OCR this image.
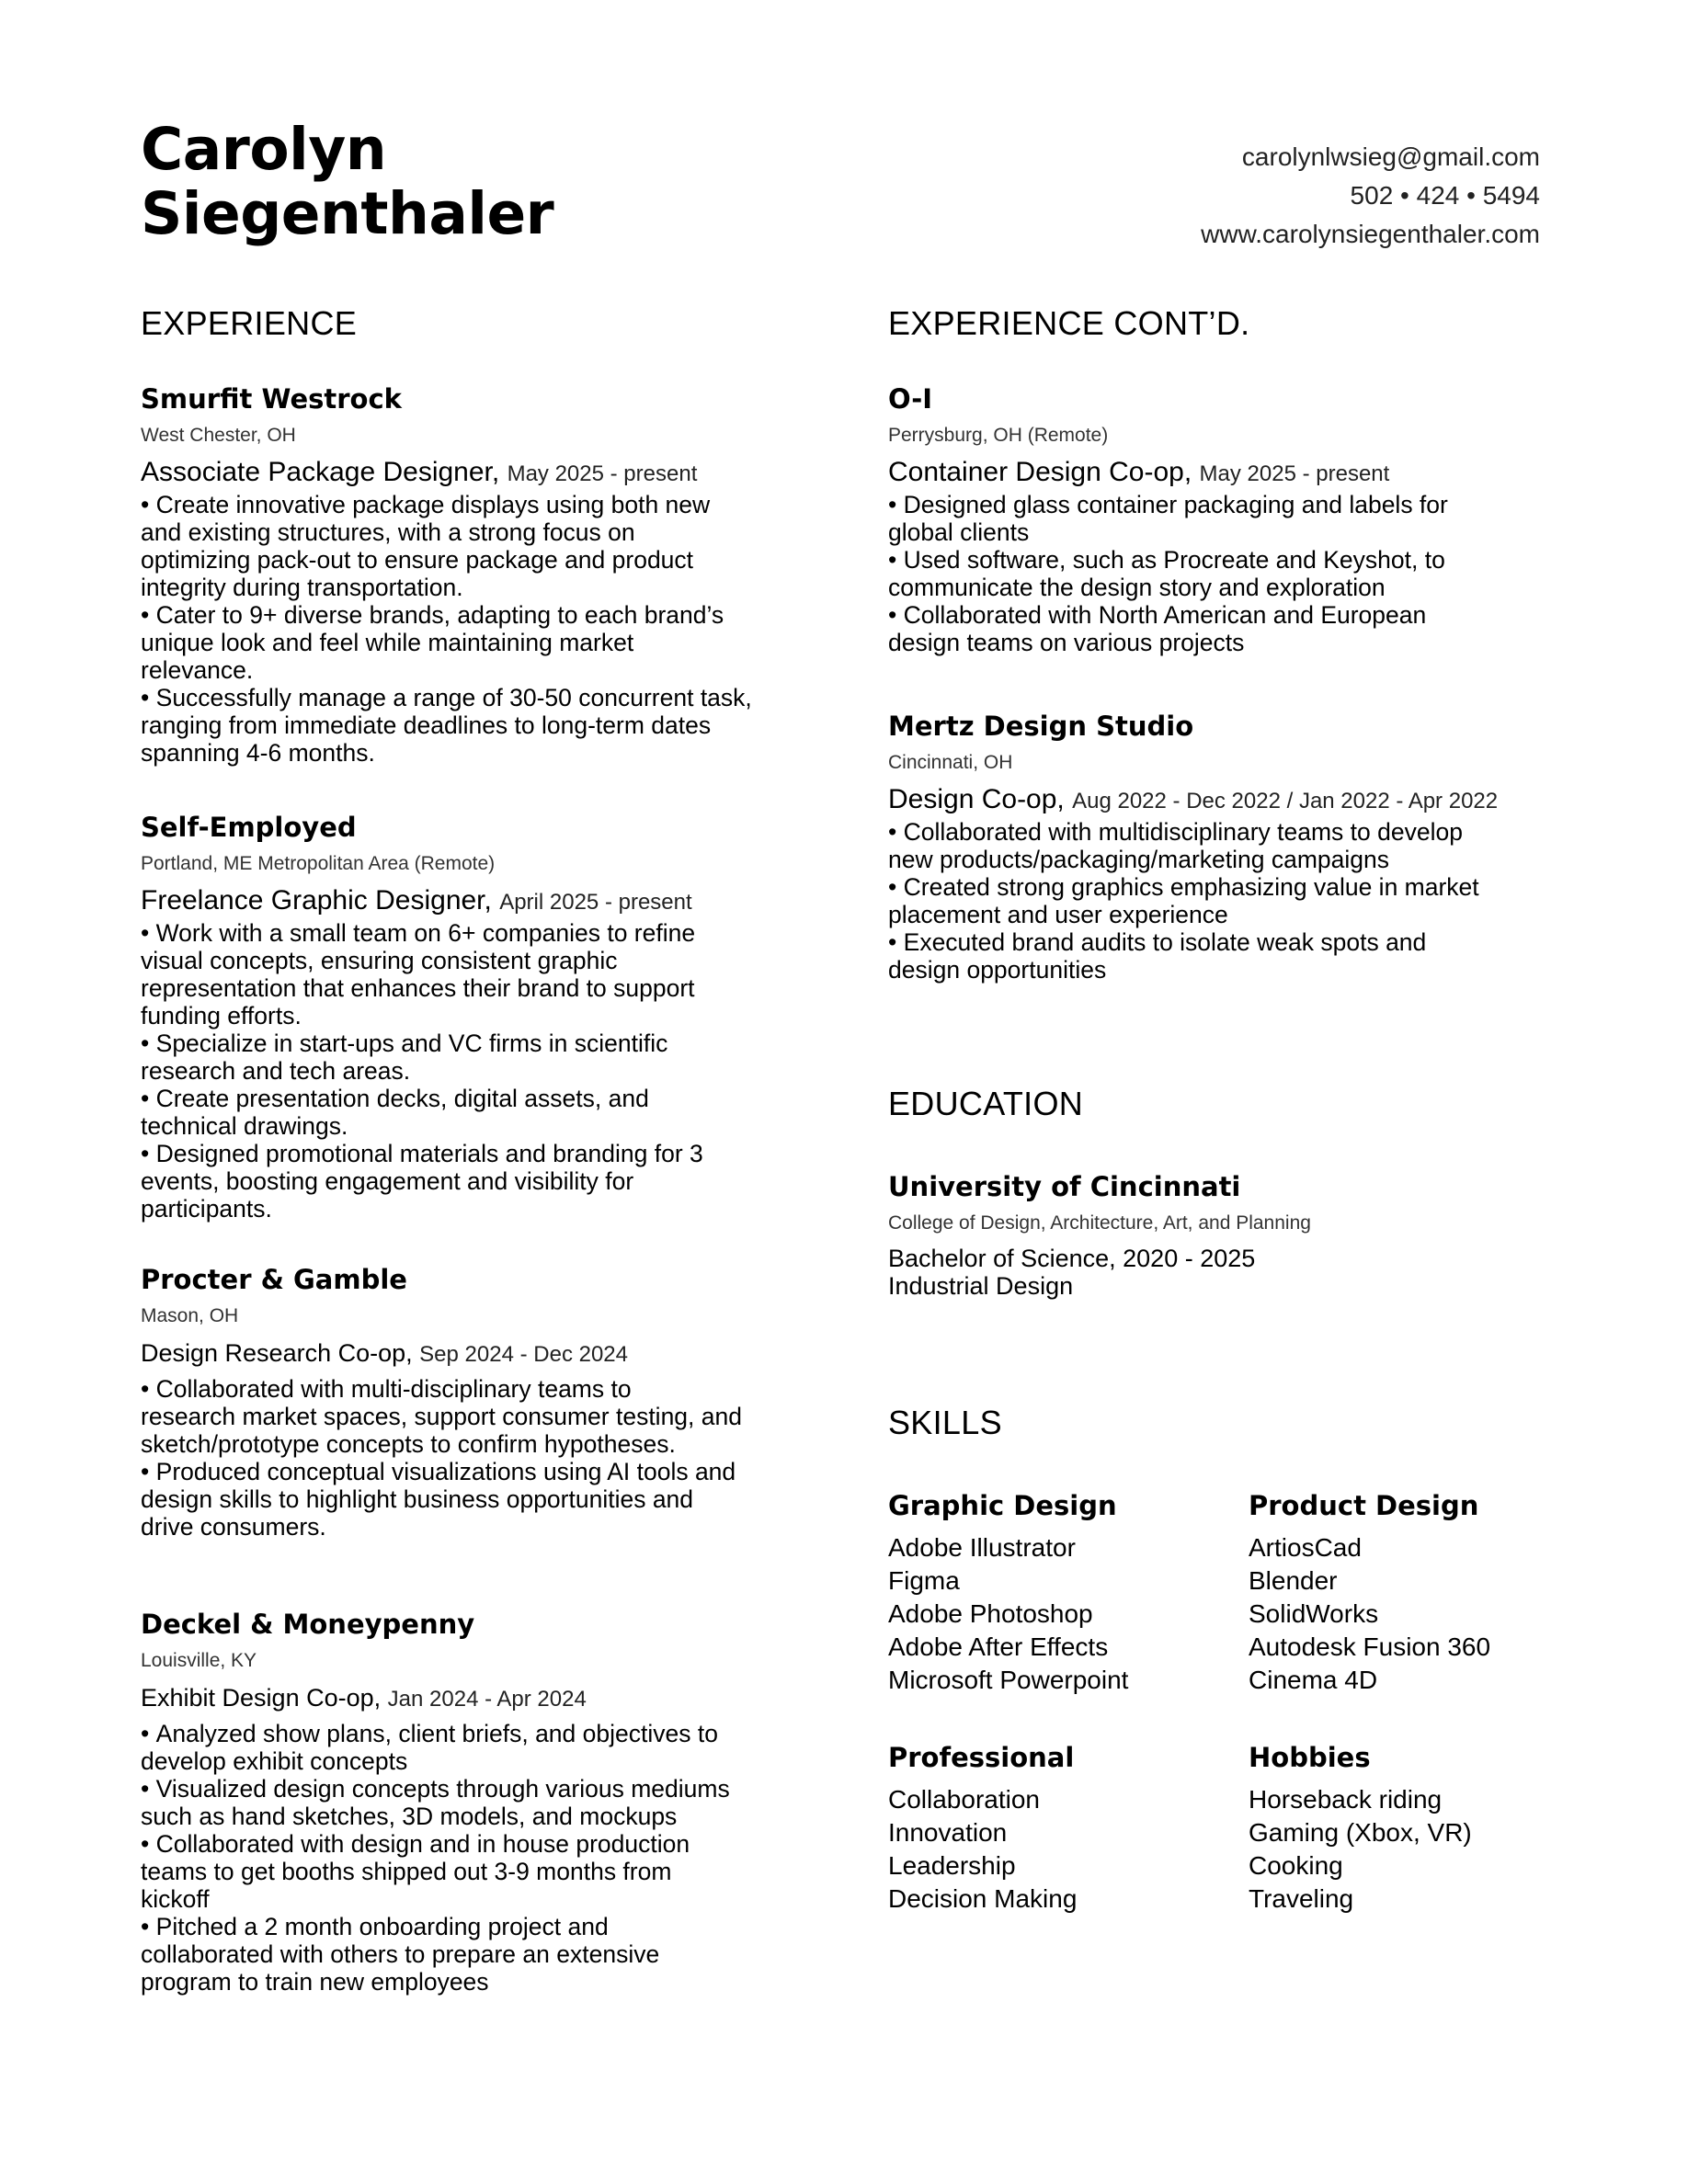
Carolyn
Siegenthaler
carolynlwsieg@gmail.com
502 • 424 • 5494
www.carolynsiegenthaler.com
EXPERIENCE
Smurfit Westrock
West Chester, OH
Associate Package Designer, May 2025 - present
• Create innovative package displays using both new
and existing structures, with a strong focus on
optimizing pack-out to ensure package and product
integrity during transportation.
• Cater to 9+ diverse brands, adapting to each brand’s
unique look and feel while maintaining market
relevance.
• Successfully manage a range of 30-50 concurrent task,
ranging from immediate deadlines to long-term dates
spanning 4-6 months.
Self-Employed
Portland, ME Metropolitan Area (Remote)
Freelance Graphic Designer, April 2025 - present
• Work with a small team on 6+ companies to refine
visual concepts, ensuring consistent graphic
representation that enhances their brand to support
funding efforts.
• Specialize in start-ups and VC firms in scientific
research and tech areas.
• Create presentation decks, digital assets, and
technical drawings.
• Designed promotional materials and branding for 3
events, boosting engagement and visibility for
participants.
Procter & Gamble
Mason, OH
Design Research Co-op, Sep 2024 - Dec 2024
• Collaborated with multi-disciplinary teams to
research market spaces, support consumer testing, and
sketch/prototype concepts to confirm hypotheses.
• Produced conceptual visualizations using AI tools and
design skills to highlight business opportunities and
drive consumers.
Deckel & Moneypenny
Louisville, KY
Exhibit Design Co-op, Jan 2024 - Apr 2024
• Analyzed show plans, client briefs, and objectives to
develop exhibit concepts
• Visualized design concepts through various mediums
such as hand sketches, 3D models, and mockups
• Collaborated with design and in house production
teams to get booths shipped out 3-9 months from
kickoff
• Pitched a 2 month onboarding project and
collaborated with others to prepare an extensive
program to train new employees
EXPERIENCE CONT’D.
O-I
Perrysburg, OH (Remote)
Container Design Co-op, May 2025 - present
• Designed glass container packaging and labels for
global clients
• Used software, such as Procreate and Keyshot, to
communicate the design story and exploration
• Collaborated with North American and European
design teams on various projects
Mertz Design Studio
Cincinnati, OH
Design Co-op, Aug 2022 - Dec 2022 / Jan 2022 - Apr 2022
• Collaborated with multidisciplinary teams to develop
new products/packaging/marketing campaigns
• Created strong graphics emphasizing value in market
placement and user experience
• Executed brand audits to isolate weak spots and
design opportunities
EDUCATION
University of Cincinnati
College of Design, Architecture, Art, and Planning
Bachelor of Science, 2020 - 2025
Industrial Design
SKILLS
Graphic Design
Adobe Illustrator
Figma
Adobe Photoshop
Adobe After Effects
Microsoft Powerpoint
Product Design
ArtiosCad
Blender
SolidWorks
Autodesk Fusion 360
Cinema 4D
Professional
Collaboration
Innovation
Leadership
Decision Making
Hobbies
Horseback riding
Gaming (Xbox, VR)
Cooking
Traveling
